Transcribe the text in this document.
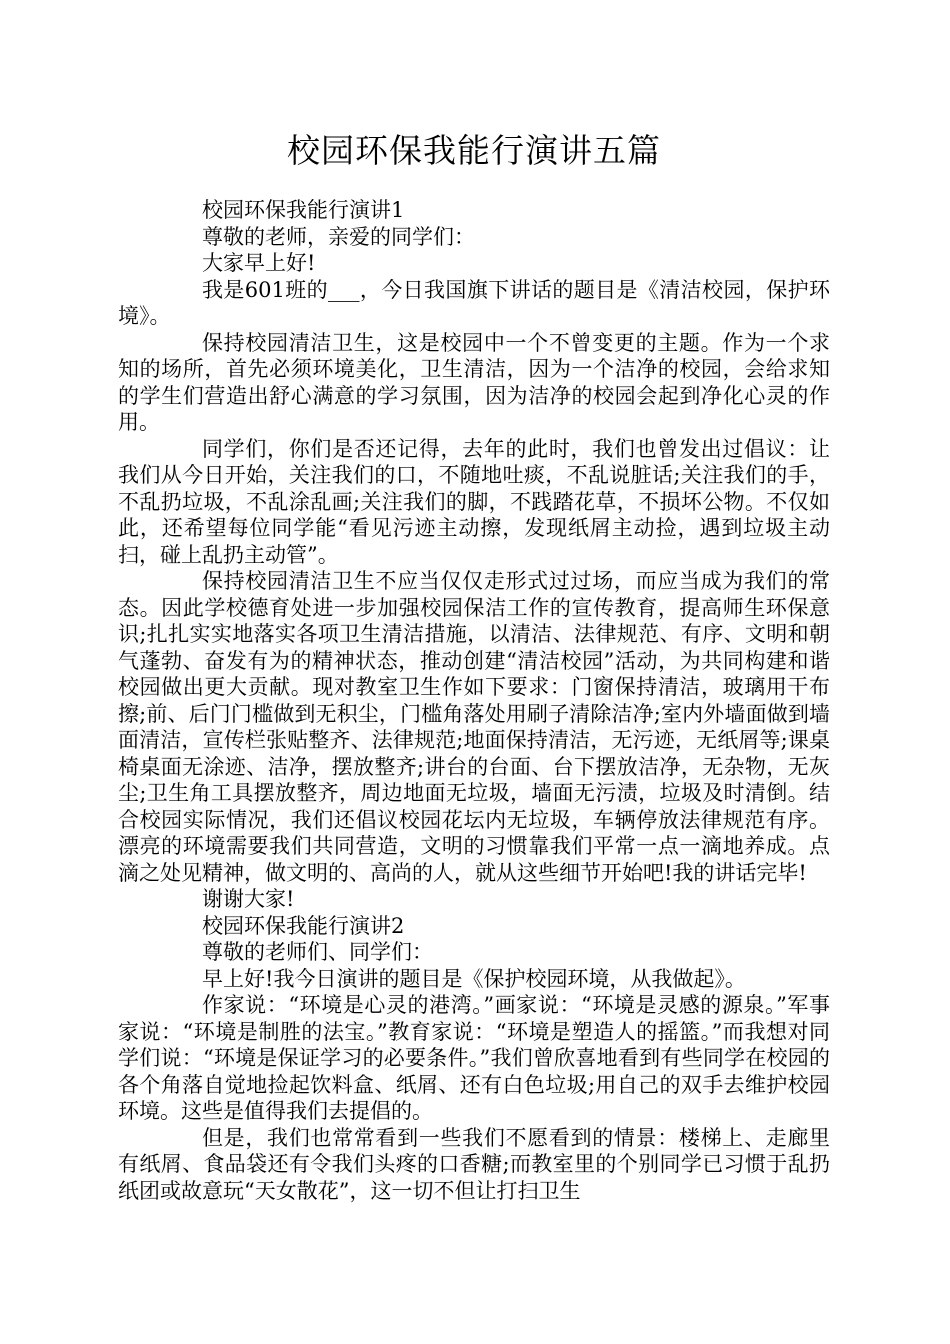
校园环保我能行演讲五篇

校园环保我能行演讲1

尊敬的老师，亲爱的同学们：

大家早上好!

我是601班的___，今日我国旗下讲话的题目是《清洁校园，保护环境》。

保持校园清洁卫生，这是校园中一个不曾变更的主题。作为一个求知的场所，首先必须环境美化，卫生清洁，因为一个洁净的校园，会给求知的学生们营造出舒心满意的学习氛围，因为洁净的校园会起到净化心灵的作用。

同学们，你们是否还记得，去年的此时，我们也曾发出过倡议：让我们从今日开始，关注我们的口，不随地吐痰，不乱说脏话;关注我们的手，不乱扔垃圾，不乱涂乱画;关注我们的脚，不践踏花草，不损坏公物。不仅如此，还希望每位同学能“看见污迹主动擦，发现纸屑主动捡，遇到垃圾主动扫，碰上乱扔主动管”。

保持校园清洁卫生不应当仅仅走形式过过场，而应当成为我们的常态。因此学校德育处进一步加强校园保洁工作的宣传教育，提高师生环保意识;扎扎实实地落实各项卫生清洁措施，以清洁、法律规范、有序、文明和朝气蓬勃、奋发有为的精神状态，推动创建“清洁校园”活动，为共同构建和谐校园做出更大贡献。现对教室卫生作如下要求：门窗保持清洁，玻璃用干布擦;前、后门门槛做到无积尘，门槛角落处用刷子清除洁净;室内外墙面做到墙面清洁，宣传栏张贴整齐、法律规范;地面保持清洁，无污迹，无纸屑等;课桌椅桌面无涂迹、洁净，摆放整齐;讲台的台面、台下摆放洁净，无杂物，无灰尘;卫生角工具摆放整齐，周边地面无垃圾，墙面无污渍，垃圾及时清倒。结合校园实际情况，我们还倡议校园花坛内无垃圾，车辆停放法律规范有序。漂亮的环境需要我们共同营造，文明的习惯靠我们平常一点一滴地养成。点滴之处见精神，做文明的、高尚的人，就从这些细节开始吧!我的讲话完毕!

谢谢大家!

校园环保我能行演讲2

尊敬的老师们、同学们：

早上好!我今日演讲的题目是《保护校园环境，从我做起》。

作家说：“环境是心灵的港湾。”画家说：“环境是灵感的源泉。”军事家说：“环境是制胜的法宝。”教育家说：“环境是塑造人的摇篮。”而我想对同学们说：“环境是保证学习的必要条件。”我们曾欣喜地看到有些同学在校园的各个角落自觉地捡起饮料盒、纸屑、还有白色垃圾;用自己的双手去维护校园环境。这些是值得我们去提倡的。

但是，我们也常常看到一些我们不愿看到的情景：楼梯上、走廊里有纸屑、食品袋还有令我们头疼的口香糖;而教室里的个别同学已习惯于乱扔纸团或故意玩“天女散花”，这一切不但让打扫卫生
